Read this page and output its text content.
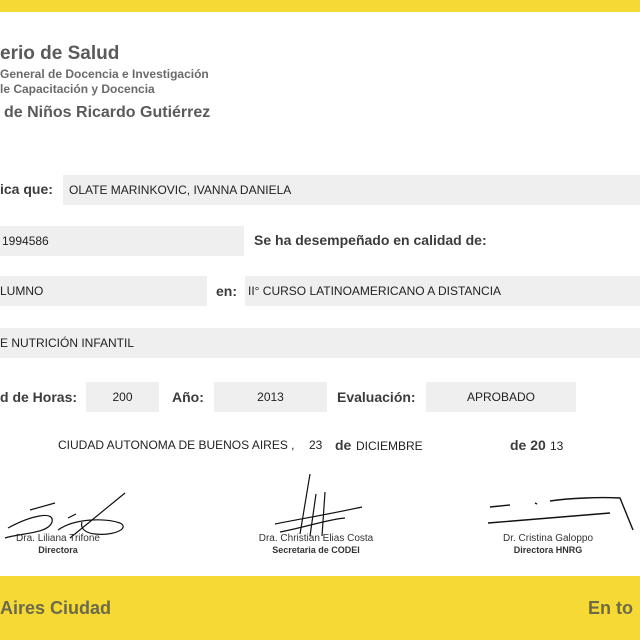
erio de Salud
General de Docencia e Investigación
le Capacitación y Docencia
de Niños Ricardo Gutiérrez
ica que:	OLATE MARINKOVIC, IVANNA DANIELA
1994586	Se ha desempeñado en calidad de:
LUMNO	en: II° CURSO LATINOAMERICANO A DISTANCIA
E NUTRICIÓN INFANTIL
d de Horas:	200	Año:	2013	Evaluación:	APROBADO
CIUDAD AUTONOMA DE BUENOS AIRES , 23 de DICIEMBRE	de 20 13
Dra. Liliana Trifone
Directora
Dra. Christian Elias Costa
Secretaria de CODEI
Dr. Cristina Galoppo
Directora HNRG
Aires Ciudad	En to
